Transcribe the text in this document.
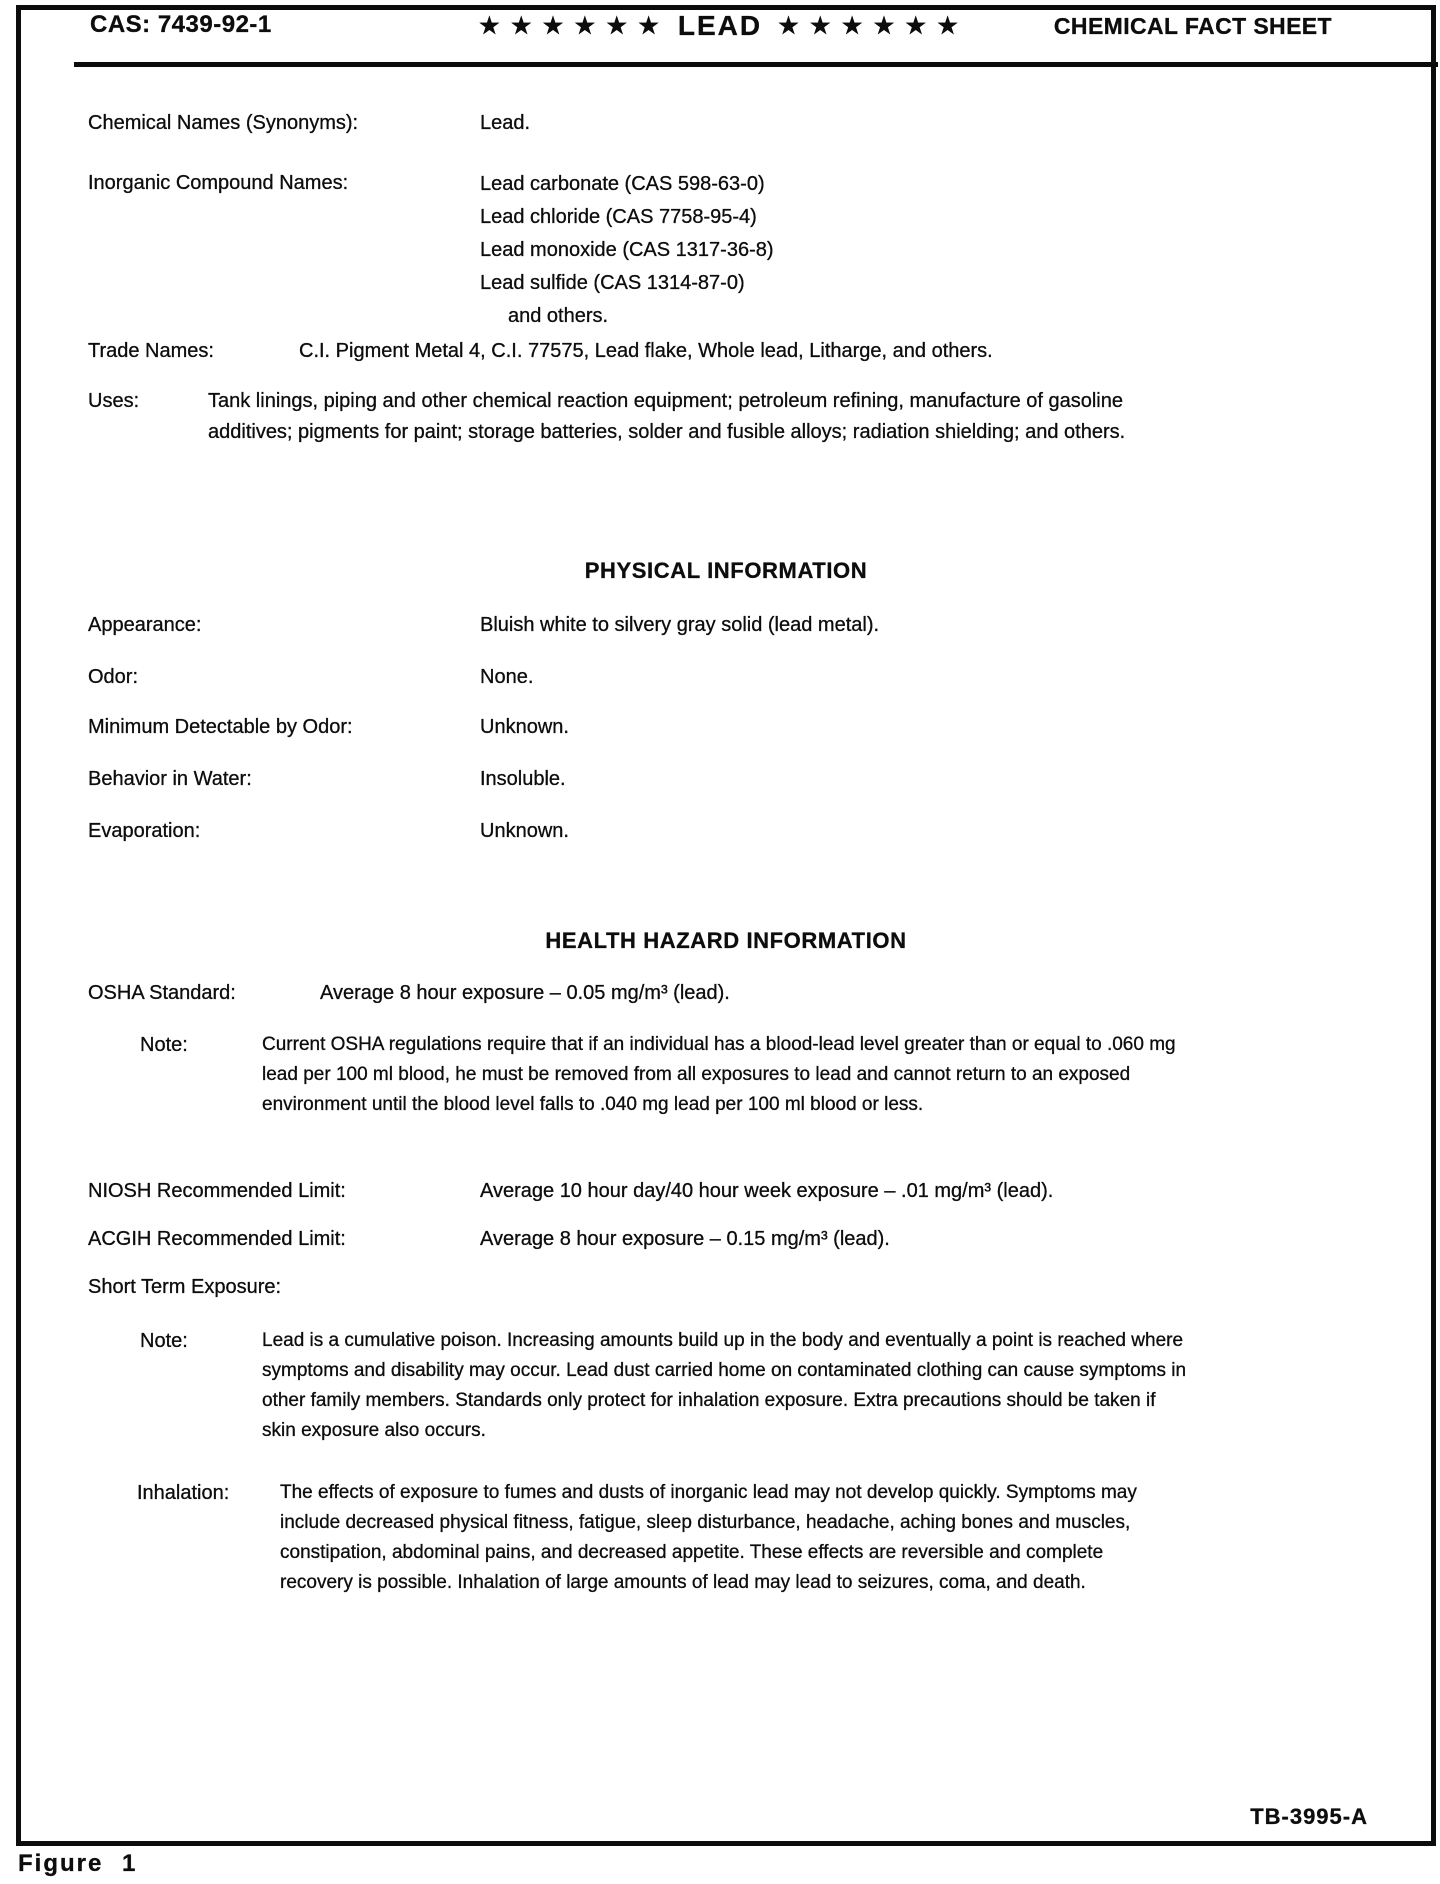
CAS: 7439-92-1	★ ★ ★ ★ ★ ★ LEAD ★ ★ ★ ★ ★ ★	CHEMICAL FACT SHEET
Chemical Names (Synonyms):	Lead.
Inorganic Compound Names:	Lead carbonate (CAS 598-63-0)
Lead chloride (CAS 7758-95-4)
Lead monoxide (CAS 1317-36-8)
Lead sulfide (CAS 1314-87-0)
and others.
Trade Names:	C.I. Pigment Metal 4, C.I. 77575, Lead flake, Whole lead, Litharge, and others.
Uses:	Tank linings, piping and other chemical reaction equipment; petroleum refining, manufacture of gasoline additives; pigments for paint; storage batteries, solder and fusible alloys; radiation shielding; and others.
PHYSICAL INFORMATION
Appearance:	Bluish white to silvery gray solid (lead metal).
Odor:	None.
Minimum Detectable by Odor:	Unknown.
Behavior in Water:	Insoluble.
Evaporation:	Unknown.
HEALTH HAZARD INFORMATION
OSHA Standard:	Average 8 hour exposure – 0.05 mg/m³ (lead).
Note:	Current OSHA regulations require that if an individual has a blood-lead level greater than or equal to .060 mg lead per 100 ml blood, he must be removed from all exposures to lead and cannot return to an exposed environment until the blood level falls to .040 mg lead per 100 ml blood or less.
NIOSH Recommended Limit:	Average 10 hour day/40 hour week exposure – .01 mg/m³ (lead).
ACGIH Recommended Limit:	Average 8 hour exposure – 0.15 mg/m³ (lead).
Short Term Exposure:
Note:	Lead is a cumulative poison. Increasing amounts build up in the body and eventually a point is reached where symptoms and disability may occur. Lead dust carried home on contaminated clothing can cause symptoms in other family members. Standards only protect for inhalation exposure. Extra precautions should be taken if skin exposure also occurs.
Inhalation:	The effects of exposure to fumes and dusts of inorganic lead may not develop quickly. Symptoms may include decreased physical fitness, fatigue, sleep disturbance, headache, aching bones and muscles, constipation, abdominal pains, and decreased appetite. These effects are reversible and complete recovery is possible. Inhalation of large amounts of lead may lead to seizures, coma, and death.
TB-3995-A
Figure 1
